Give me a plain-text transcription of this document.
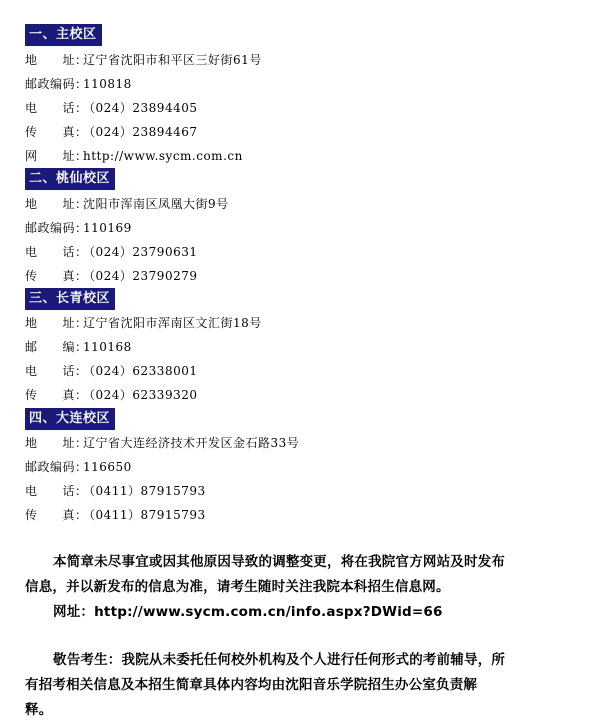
一、主校区
地　　址：辽宁省沈阳市和平区三好街61号
邮政编码：110818
电　　话：（024）23894405
传　　真：（024）23894467
网　　址：http://www.sycm.com.cn
二、桃仙校区
地　　址：沈阳市浑南区凤凰大街9号
邮政编码：110169
电　　话：（024）23790631
传　　真：（024）23790279
三、长青校区
地　　址：辽宁省沈阳市浑南区文汇街18号
邮　　编：110168
电　　话：（024）62338001
传　　真：（024）62339320
四、大连校区
地　　址：辽宁省大连经济技术开发区金石路33号
邮政编码：116650
电　　话：（0411）87915793
传　　真：（0411）87915793

本简章未尽事宜或因其他原因导致的调整变更，将在我院官方网站及时发布

信息，并以新发布的信息为准，请考生随时关注我院本科招生信息网。

网址：http://www.sycm.com.cn/info.aspx?DWid=66

敬告考生：我院从未委托任何校外机构及个人进行任何形式的考前辅导，所

有招考相关信息及本招生简章具体内容均由沈阳音乐学院招生办公室负责解

释。
